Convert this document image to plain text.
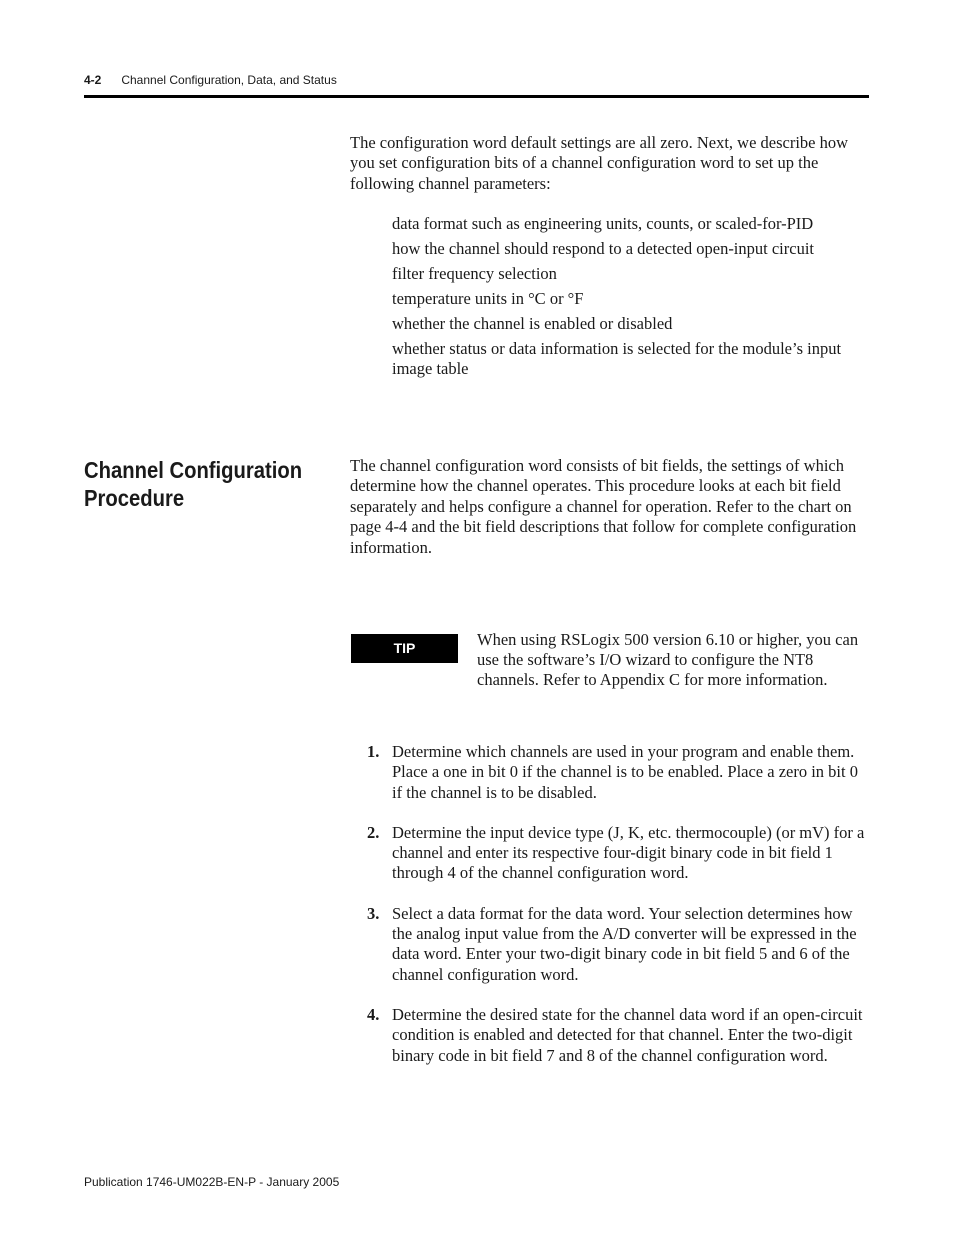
4-2 Channel Configuration, Data, and Status

The configuration word default settings are all zero. Next, we describe how you set configuration bits of a channel configuration word to set up the following channel parameters:

data format such as engineering units, counts, or scaled-for-PID
how the channel should respond to a detected open-input circuit
filter frequency selection
temperature units in °C or °F
whether the channel is enabled or disabled
whether status or data information is selected for the module’s input image table
Channel Configuration Procedure

The channel configuration word consists of bit fields, the settings of which determine how the channel operates. This procedure looks at each bit field separately and helps configure a channel for operation. Refer to the chart on page 4-4 and the bit field descriptions that follow for complete configuration information.

TIP	When using RSLogix 500 version 6.10 or higher, you can use the software’s I/O wizard to configure the NT8 channels. Refer to Appendix C for more information.

1. Determine which channels are used in your program and enable them. Place a one in bit 0 if the channel is to be enabled. Place a zero in bit 0 if the channel is to be disabled.
2. Determine the input device type (J, K, etc. thermocouple) (or mV) for a channel and enter its respective four-digit binary code in bit field 1 through 4 of the channel configuration word.
3. Select a data format for the data word. Your selection determines how the analog input value from the A/D converter will be expressed in the data word. Enter your two-digit binary code in bit field 5 and 6 of the channel configuration word.
4. Determine the desired state for the channel data word if an open-circuit condition is enabled and detected for that channel. Enter the two-digit binary code in bit field 7 and 8 of the channel configuration word.
Publication 1746-UM022B-EN-P - January 2005
